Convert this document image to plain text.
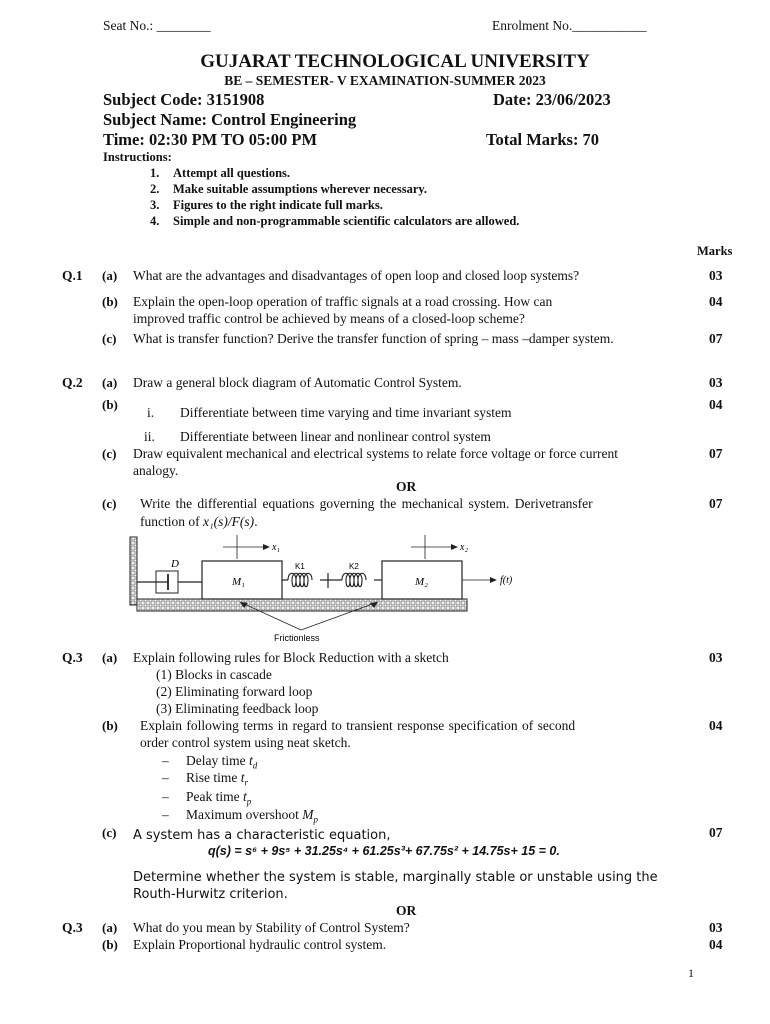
Seat No.: ________	Enrolment No.___________
GUJARAT TECHNOLOGICAL UNIVERSITY
BE – SEMESTER- V EXAMINATION-SUMMER 2023
Subject Code: 3151908	Date: 23/06/2023
Subject Name: Control Engineering
Time: 02:30 PM TO 05:00 PM	Total Marks: 70
Instructions:
1. Attempt all questions.
2. Make suitable assumptions wherever necessary.
3. Figures to the right indicate full marks.
4. Simple and non-programmable scientific calculators are allowed.
Marks
Q.1 (a) What are the advantages and disadvantages of open loop and closed loop systems?	03
(b) Explain the open-loop operation of traffic signals at a road crossing. How can
improved traffic control be achieved by means of a closed-loop scheme?
04
(c) What is transfer function? Derive the transfer function of spring – mass –damper system.	07
Q.2 (a) Draw a general block diagram of Automatic Control System.	03
(b)	04
i. Differentiate between time varying and time invariant system
ii. Differentiate between linear and nonlinear control system
(c) Draw equivalent mechanical and electrical systems to relate force voltage or force current
analogy.
07
OR
(c) Write the differential equations governing the mechanical system. Derivetransfer
function of x₁(s)/F(s).
07
D
M₁
x₁
K1	K2
M₂
x₂
f(t)
Frictionless
Q.3 (a) Explain following rules for Block Reduction with a sketch	03
(1) Blocks in cascade
(2) Eliminating forward loop
(3) Eliminating feedback loop
(b) Explain following terms in regard to transient response specification of second
order control system using neat sketch.
04
– Delay time $t_d$
– Rise time $t_r$
– Peak time $t_p$
– Maximum overshoot $M_p$
(c) A system has a characteristic equation,
q(s) = s⁶ + 9s⁵ + 31.25s⁴ + 61.25s³+ 67.75s² + 14.75s+ 15 = 0.
Determine whether the system is stable, marginally stable or unstable using the
Routh-Hurwitz criterion.
07
OR
Q.3 (a) What do you mean by Stability of Control System?	03
(b) Explain Proportional hydraulic control system.	04
1
